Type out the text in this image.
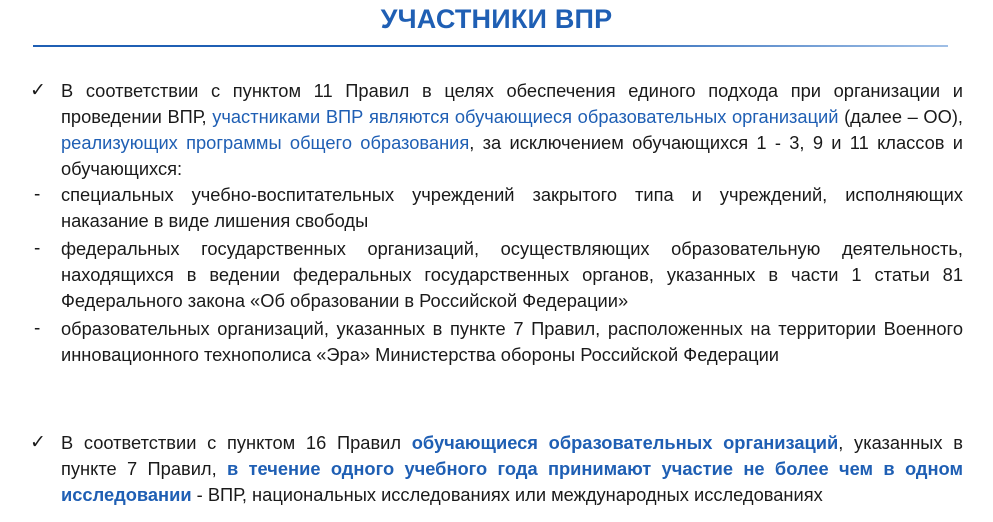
УЧАСТНИКИ ВПР
✓ В соответствии с пунктом 11 Правил в целях обеспечения единого подхода при организации и проведении ВПР, участниками ВПР являются обучающиеся образовательных организаций (далее – ОО), реализующих программы общего образования, за исключением обучающихся 1 - 3, 9 и 11 классов и обучающихся:
- специальных учебно-воспитательных учреждений закрытого типа и учреждений, исполняющих наказание в виде лишения свободы
- федеральных государственных организаций, осуществляющих образовательную деятельность, находящихся в ведении федеральных государственных органов, указанных в части 1 статьи 81 Федерального закона «Об образовании в Российской Федерации»
- образовательных организаций, указанных в пункте 7 Правил, расположенных на территории Военного инновационного технополиса «Эра» Министерства обороны Российской Федерации
✓ В соответствии с пунктом 16 Правил обучающиеся образовательных организаций, указанных в пункте 7 Правил, в течение одного учебного года принимают участие не более чем в одном исследовании - ВПР, национальных исследованиях или международных исследованиях
